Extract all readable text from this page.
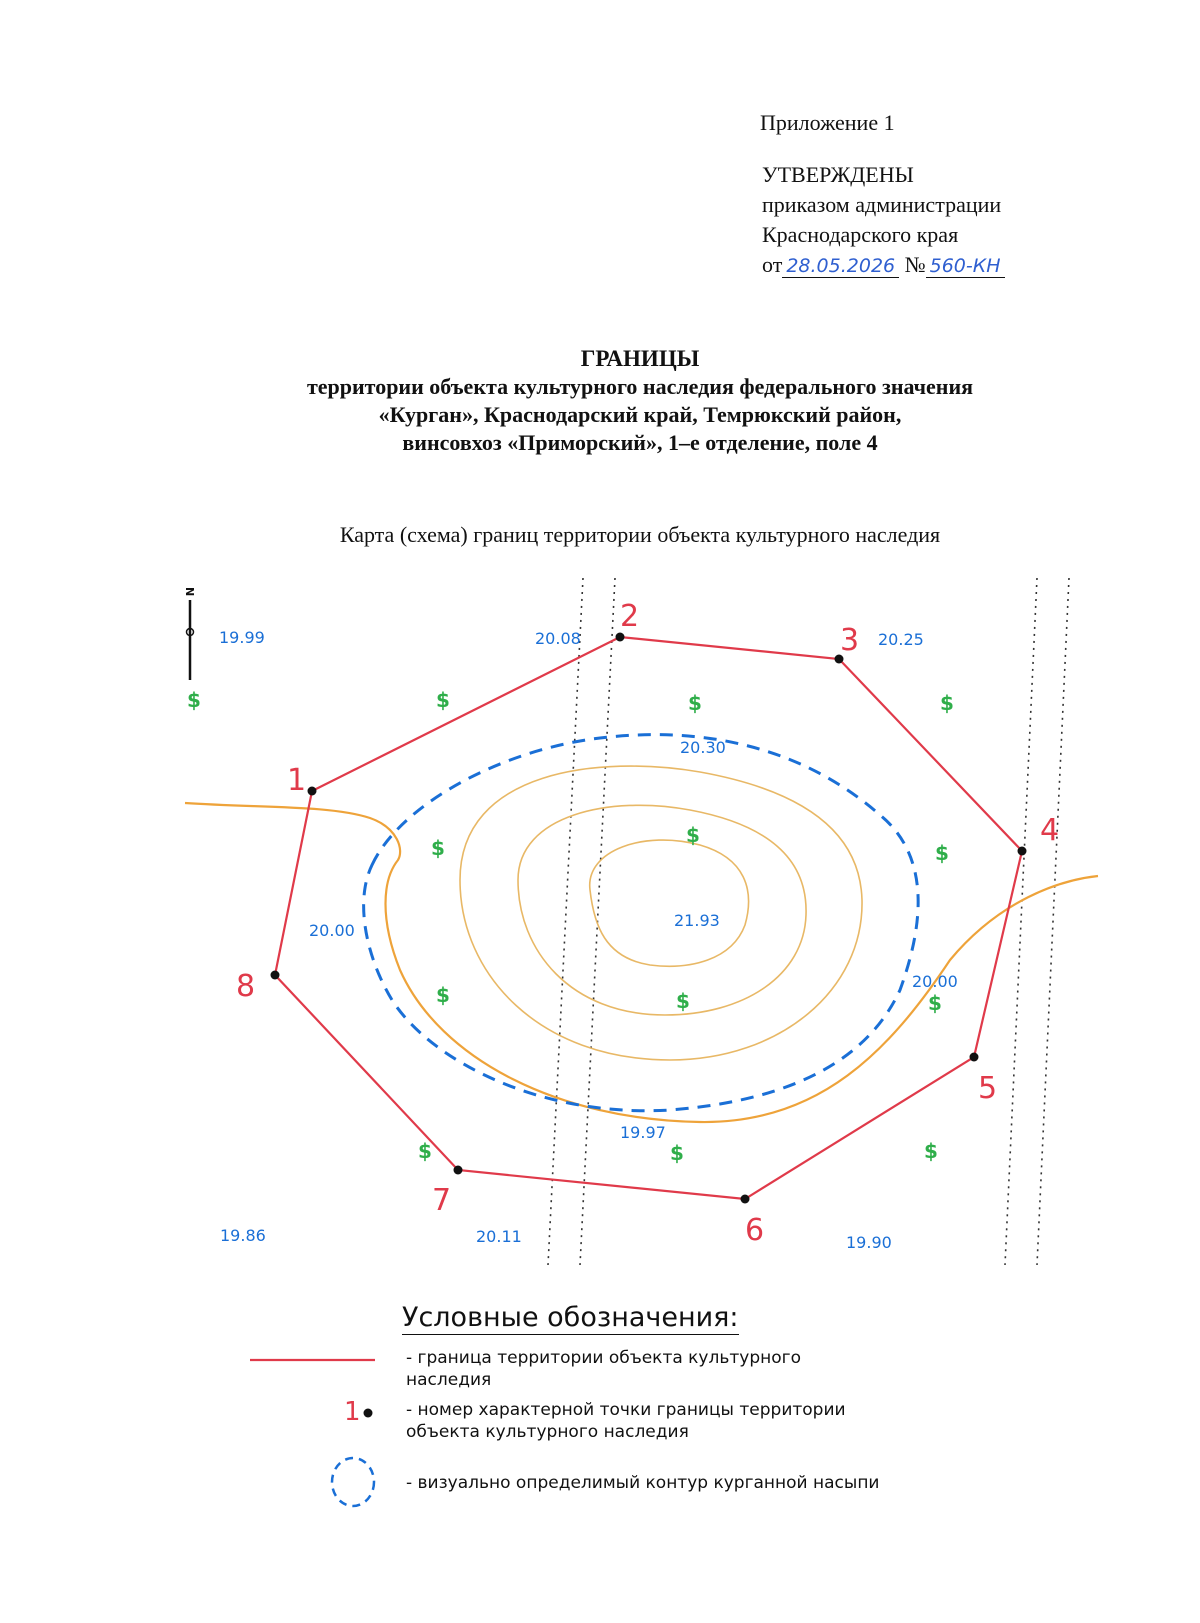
Приложение 1
УТВЕРЖДЕНЫ
приказом администрации
Краснодарского края
от 28.05.2026 № 560-КН
ГРАНИЦЫ
территории объекта культурного наследия федерального значения
«Курган», Краснодарский край, Темрюкский район,
винсовхоз «Приморский», 1–е отделение, поле 4
Карта (схема) границ территории объекта культурного наследия
1
2
3
4
5
6
7
8
19.99	20.08	20.25
20.30
20.00
21.93
20.00
19.97
19.86	20.11	19.90
$	$	$	$
$
$
$
$	$	$
$	$	$
N
Условные обозначения:
1
- граница территории объекта культурного
наследия
- номер характерной точки границы территории
объекта культурного наследия
- визуально определимый контур курганной насыпи
